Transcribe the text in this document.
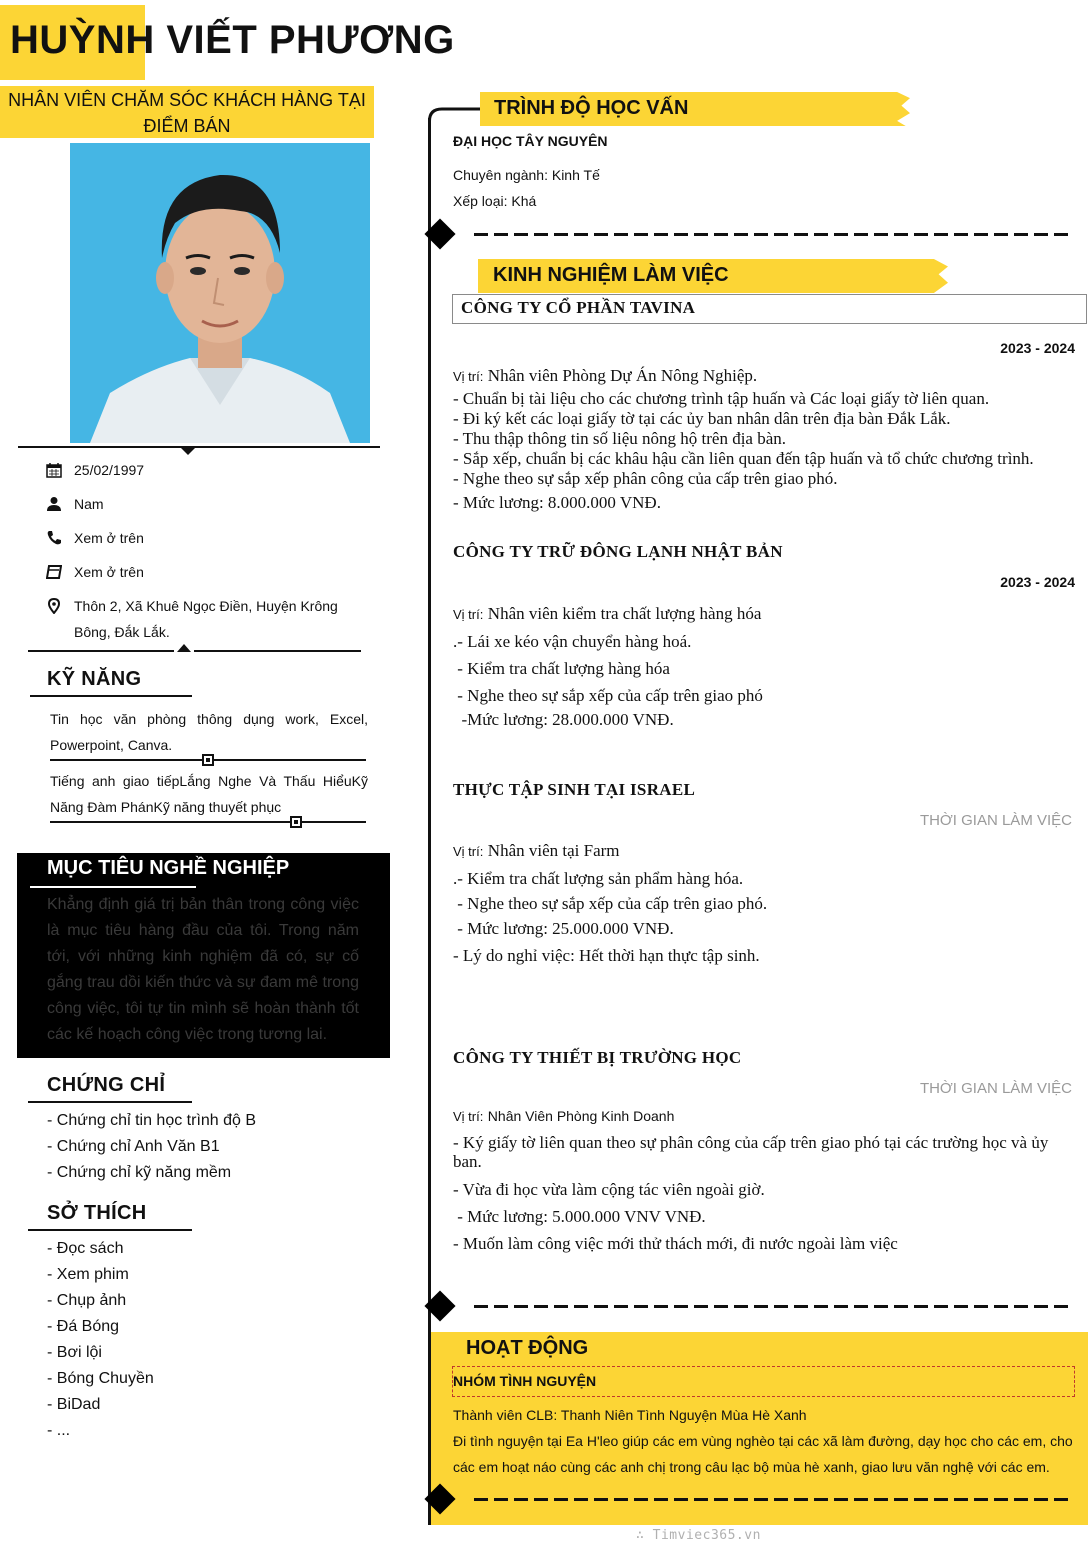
HUỲNH VIẾT PHƯƠNG
NHÂN VIÊN CHĂM SÓC KHÁCH HÀNG TẠI ĐIỂM BÁN
25/02/1997
Nam
Xem ở trên
Xem ở trên
Thôn 2, Xã Khuê Ngọc Điền, Huyện Krông Bông, Đắk Lắk.
KỸ NĂNG
Tin học văn phòng thông dụng work, Excel, Powerpoint, Canva.
Tiếng anh giao tiếpLắng Nghe Và Thấu HiểuKỹ Năng Đàm PhánKỹ năng thuyết phục
MỤC TIÊU NGHỀ NGHIỆP
Khẳng định giá trị bản thân trong công việc là mục tiêu hàng đầu của tôi. Trong năm tới, với những kinh nghiệm đã có, sự cố gắng trau dồi kiến thức và sự đam mê trong công việc, tôi tự tin mình sẽ hoàn thành tốt các kế hoạch công việc trong tương lai.
CHỨNG CHỈ
- Chứng chỉ tin học trình độ B
- Chứng chỉ Anh Văn B1
- Chứng chỉ kỹ năng mềm
SỞ THÍCH
- Đọc sách
- Xem phim
- Chụp ảnh
- Đá Bóng
- Bơi lội
- Bóng Chuyền
- BiDad
- ...
TRÌNH ĐỘ HỌC VẤN
ĐẠI HỌC TÂY NGUYÊN
Chuyên ngành: Kinh Tế
Xếp loại: Khá
KINH NGHIỆM LÀM VIỆC
CÔNG TY CỔ PHẦN TAVINA
2023 - 2024
Vị trí: Nhân viên Phòng Dự Án Nông Nghiệp.
- Chuẩn bị tài liệu cho các chương trình tập huấn và Các loại giấy tờ liên quan.
- Đi ký kết các loại giấy tờ tại các ủy ban nhân dân trên địa bàn Đắk Lắk.
- Thu thập thông tin số liệu nông hộ trên địa bàn.
- Sắp xếp, chuẩn bị các khâu hậu cần liên quan đến tập huấn và tổ chức chương trình.
- Nghe theo sự sắp xếp phân công của cấp trên giao phó.
- Mức lương: 8.000.000 VNĐ.
CÔNG TY TRỮ ĐÔNG LẠNH NHẬT BẢN
2023 - 2024
Vị trí: Nhân viên kiểm tra chất lượng hàng hóa
.- Lái xe kéo vận chuyển hàng hoá.
- Kiểm tra chất lượng hàng hóa
- Nghe theo sự sắp xếp của cấp trên giao phó
-Mức lương: 28.000.000 VNĐ.
THỰC TẬP SINH TẠI ISRAEL
THỜI GIAN LÀM VIỆC
Vị trí: Nhân viên tại Farm
.- Kiểm tra chất lượng sản phẩm hàng hóa.
- Nghe theo sự sắp xếp của cấp trên giao phó.
- Mức lương: 25.000.000 VNĐ.
- Lý do nghỉ việc: Hết thời hạn thực tập sinh.
CÔNG TY THIẾT BỊ TRƯỜNG HỌC
THỜI GIAN LÀM VIỆC
Vị trí: Nhân Viên Phòng Kinh Doanh
- Ký giấy tờ liên quan theo sự phân công của cấp trên giao phó tại các trường học và ủy ban.
- Vừa đi học vừa làm cộng tác viên ngoài giờ.
- Mức lương: 5.000.000 VNV VNĐ.
- Muốn làm công việc mới thử thách mới, đi nước ngoài làm việc
HOẠT ĐỘNG
NHÓM TÌNH NGUYỆN
Thành viên CLB: Thanh Niên Tình Nguyện Mùa Hè Xanh
Đi tình nguyện tại Ea H'leo giúp các em vùng nghèo tại các xã làm đường, dạy học cho các em, cho các em hoạt náo cùng các anh chị trong câu lạc bộ mùa hè xanh, giao lưu văn nghệ với các em.
∴ Timviec365.vn
